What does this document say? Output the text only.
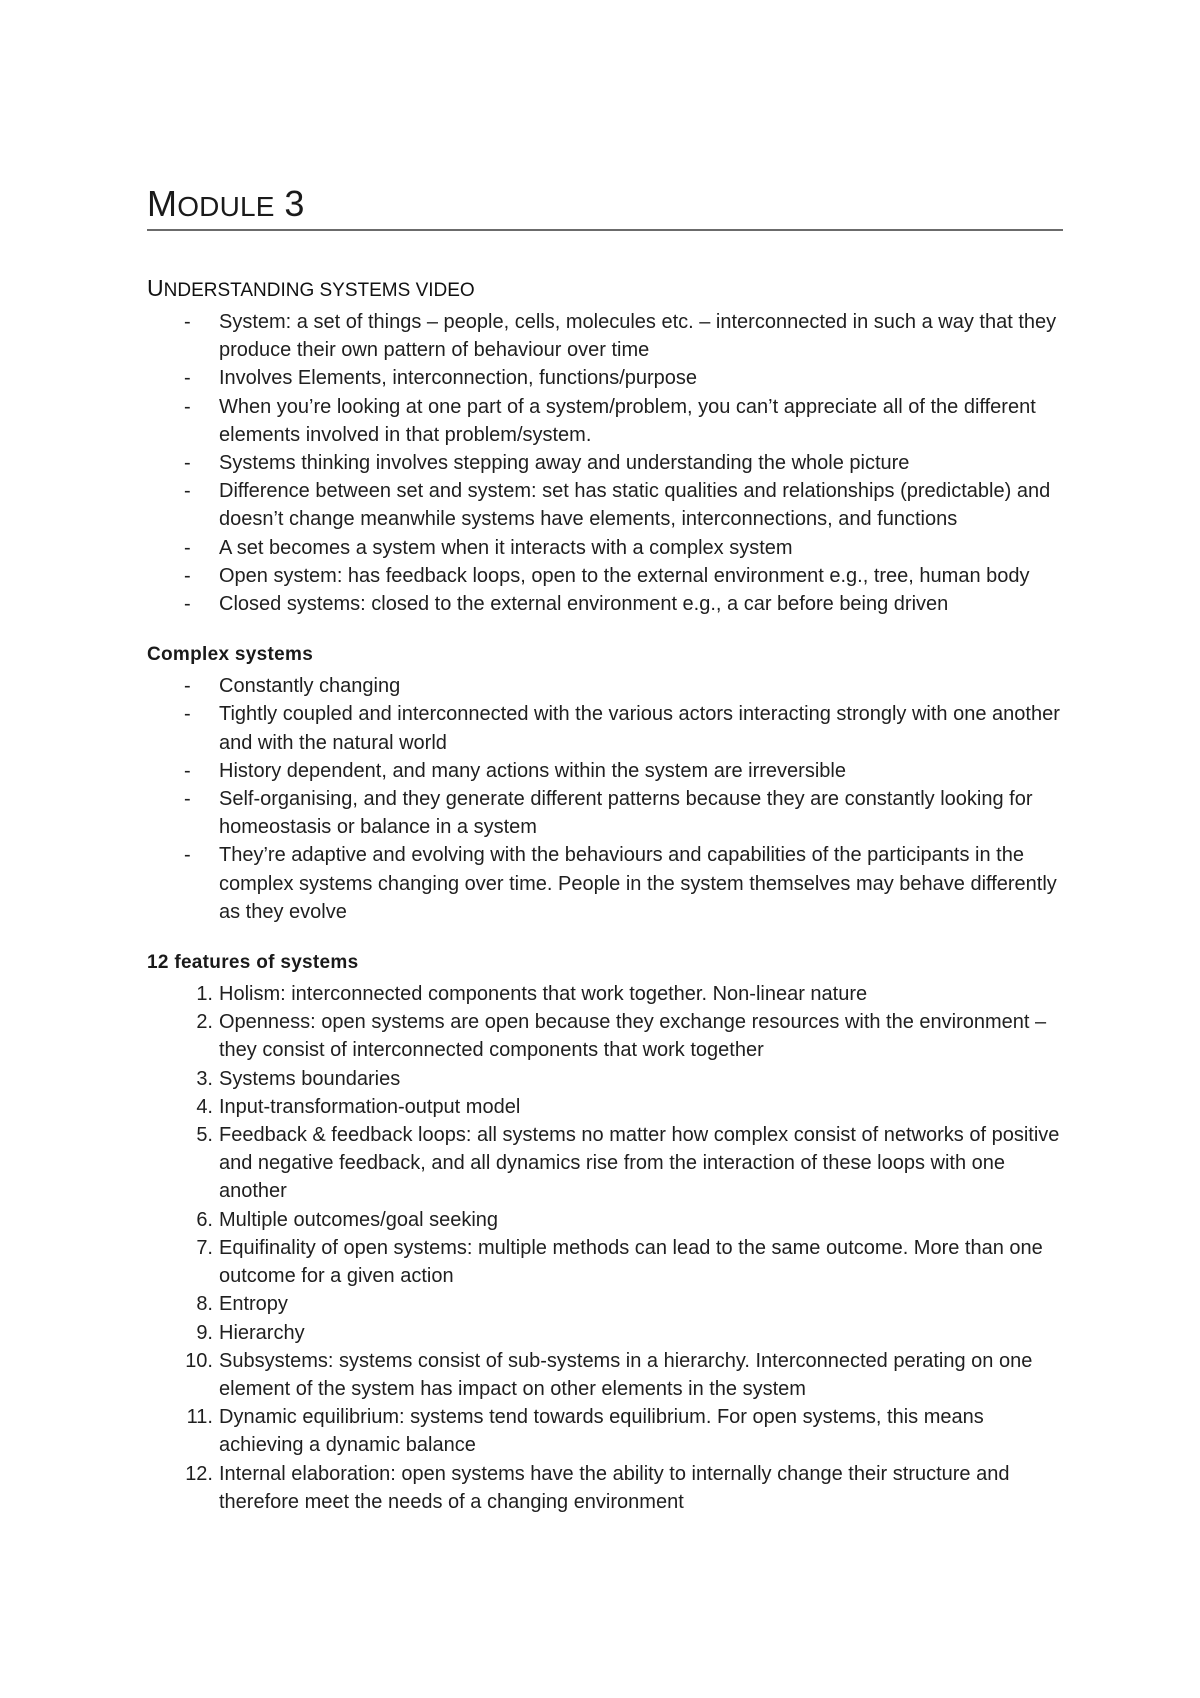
MODULE 3
UNDERSTANDING SYSTEMS VIDEO
- System: a set of things – people, cells, molecules etc. – interconnected in such a way that they produce their own pattern of behaviour over time
- Involves Elements, interconnection, functions/purpose
- When you’re looking at one part of a system/problem, you can’t appreciate all of the different elements involved in that problem/system.
- Systems thinking involves stepping away and understanding the whole picture
- Difference between set and system: set has static qualities and relationships (predictable) and doesn’t change meanwhile systems have elements, interconnections, and functions
- A set becomes a system when it interacts with a complex system
- Open system: has feedback loops, open to the external environment e.g., tree, human body
- Closed systems: closed to the external environment e.g., a car before being driven
Complex systems
- Constantly changing
- Tightly coupled and interconnected with the various actors interacting strongly with one another and with the natural world
- History dependent, and many actions within the system are irreversible
- Self-organising, and they generate different patterns because they are constantly looking for homeostasis or balance in a system
- They’re adaptive and evolving with the behaviours and capabilities of the participants in the complex systems changing over time. People in the system themselves may behave differently as they evolve
12 features of systems
1. Holism: interconnected components that work together. Non-linear nature
2. Openness: open systems are open because they exchange resources with the environment – they consist of interconnected components that work together
3. Systems boundaries
4. Input-transformation-output model
5. Feedback & feedback loops: all systems no matter how complex consist of networks of positive and negative feedback, and all dynamics rise from the interaction of these loops with one another
6. Multiple outcomes/goal seeking
7. Equifinality of open systems: multiple methods can lead to the same outcome. More than one outcome for a given action
8. Entropy
9. Hierarchy
10. Subsystems: systems consist of sub-systems in a hierarchy. Interconnected perating on one element of the system has impact on other elements in the system
11. Dynamic equilibrium: systems tend towards equilibrium. For open systems, this means achieving a dynamic balance
12. Internal elaboration: open systems have the ability to internally change their structure and therefore meet the needs of a changing environment
